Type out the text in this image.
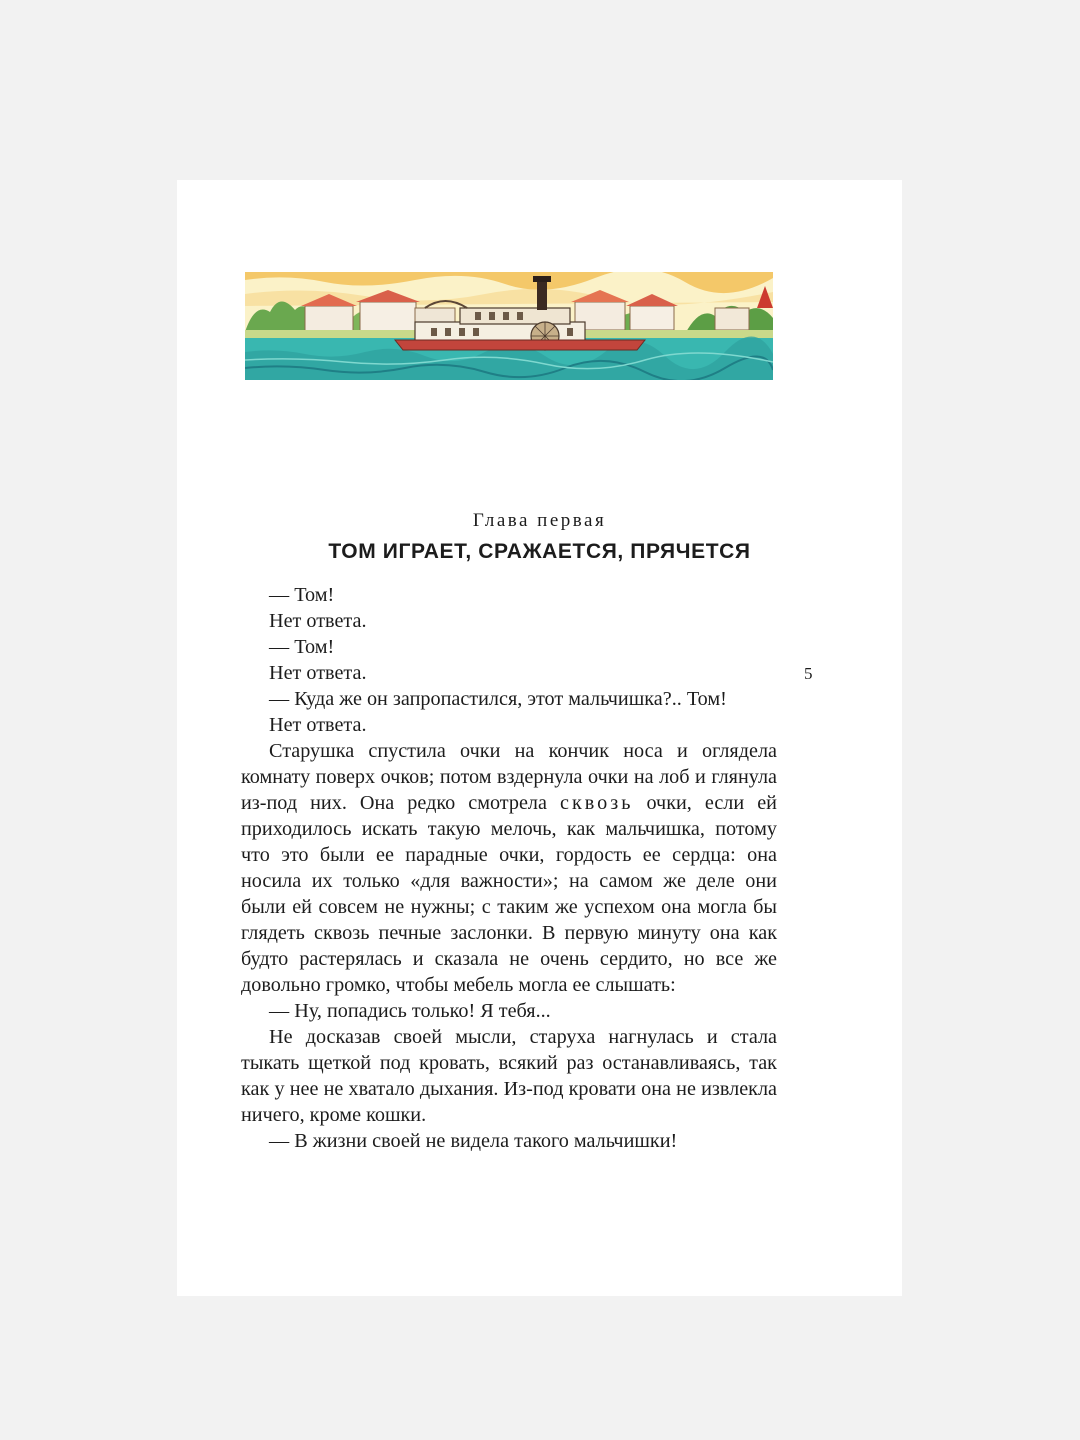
Глава первая
ТОМ ИГРАЕТ, СРАЖАЕТСЯ, ПРЯЧЕТСЯ
5

— Том!

Нет ответа.

— Том!

Нет ответа.

— Куда же он запропастился, этот мальчишка?.. Том!

Нет ответа.

Старушка спустила очки на кончик носа и оглядела комнату поверх очков; потом вздернула очки на лоб и глянула из-под них. Она редко смотрела сквозь очки, если ей приходилось искать такую мелочь, как мальчишка, потому что это были ее парадные очки, гордость ее сердца: она носила их только «для важности»; на самом же деле они были ей совсем не нужны; с таким же успехом она могла бы глядеть сквозь печные заслонки. В первую минуту она как будто растерялась и сказала не очень сердито, но все же довольно громко, чтобы мебель могла ее слышать:

— Ну, попадись только! Я тебя...

Не досказав своей мысли, старуха нагнулась и стала тыкать щеткой под кровать, всякий раз останавливаясь, так как у нее не хватало дыхания. Из-под кровати она не извлекла ничего, кроме кошки.

— В жизни своей не видела такого мальчишки!
